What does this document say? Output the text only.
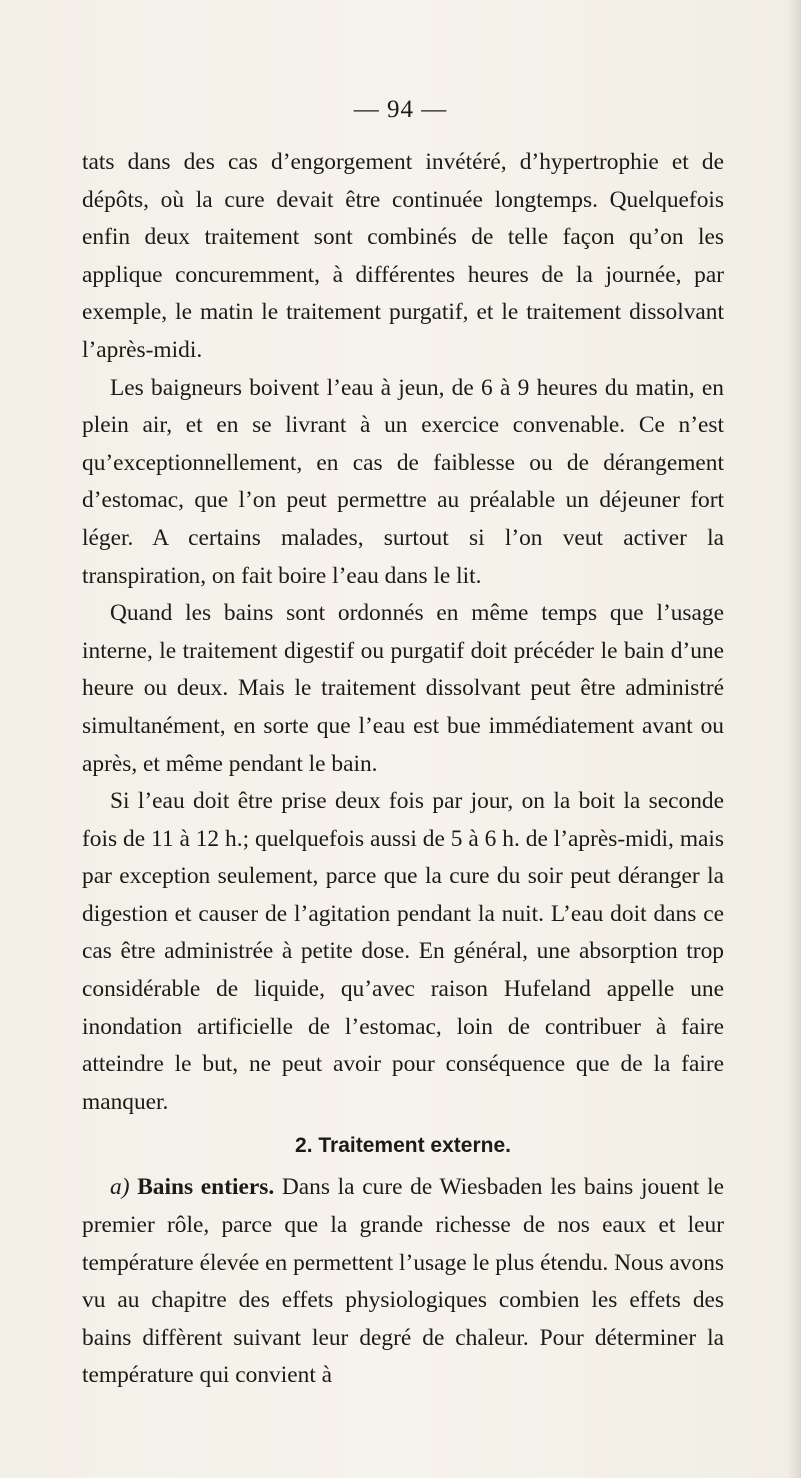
— 94 —

tats dans des cas d’engorgement invétéré, d’hypertrophie et de dépôts, où la cure devait être continuée longtemps. Quelquefois enfin deux traitement sont combinés de telle façon qu’on les applique concuremment, à différentes heures de la journée, par exemple, le matin le traitement purgatif, et le traitement dissolvant l’après-midi.

Les baigneurs boivent l’eau à jeun, de 6 à 9 heures du matin, en plein air, et en se livrant à un exercice convenable. Ce n’est qu’exceptionnellement, en cas de faiblesse ou de dérangement d’estomac, que l’on peut permettre au préalable un déjeuner fort léger. A certains malades, surtout si l’on veut activer la transpiration, on fait boire l’eau dans le lit.

Quand les bains sont ordonnés en même temps que l’usage interne, le traitement digestif ou purgatif doit précéder le bain d’une heure ou deux. Mais le traitement dissolvant peut être administré simultanément, en sorte que l’eau est bue immédiatement avant ou après, et même pendant le bain.

Si l’eau doit être prise deux fois par jour, on la boit la seconde fois de 11 à 12 h.; quelquefois aussi de 5 à 6 h. de l’après-midi, mais par exception seulement, parce que la cure du soir peut déranger la digestion et causer de l’agitation pendant la nuit. L’eau doit dans ce cas être administrée à petite dose. En général, une absorption trop considérable de liquide, qu’avec raison Hufeland appelle une inondation artificielle de l’estomac, loin de contribuer à faire atteindre le but, ne peut avoir pour conséquence que de la faire manquer.

2. Traitement externe.

a) Bains entiers. Dans la cure de Wiesbaden les bains jouent le premier rôle, parce que la grande richesse de nos eaux et leur température élevée en permettent l’usage le plus étendu. Nous avons vu au chapitre des effets physiologiques combien les effets des bains diffèrent suivant leur degré de chaleur. Pour déterminer la température qui convient à
